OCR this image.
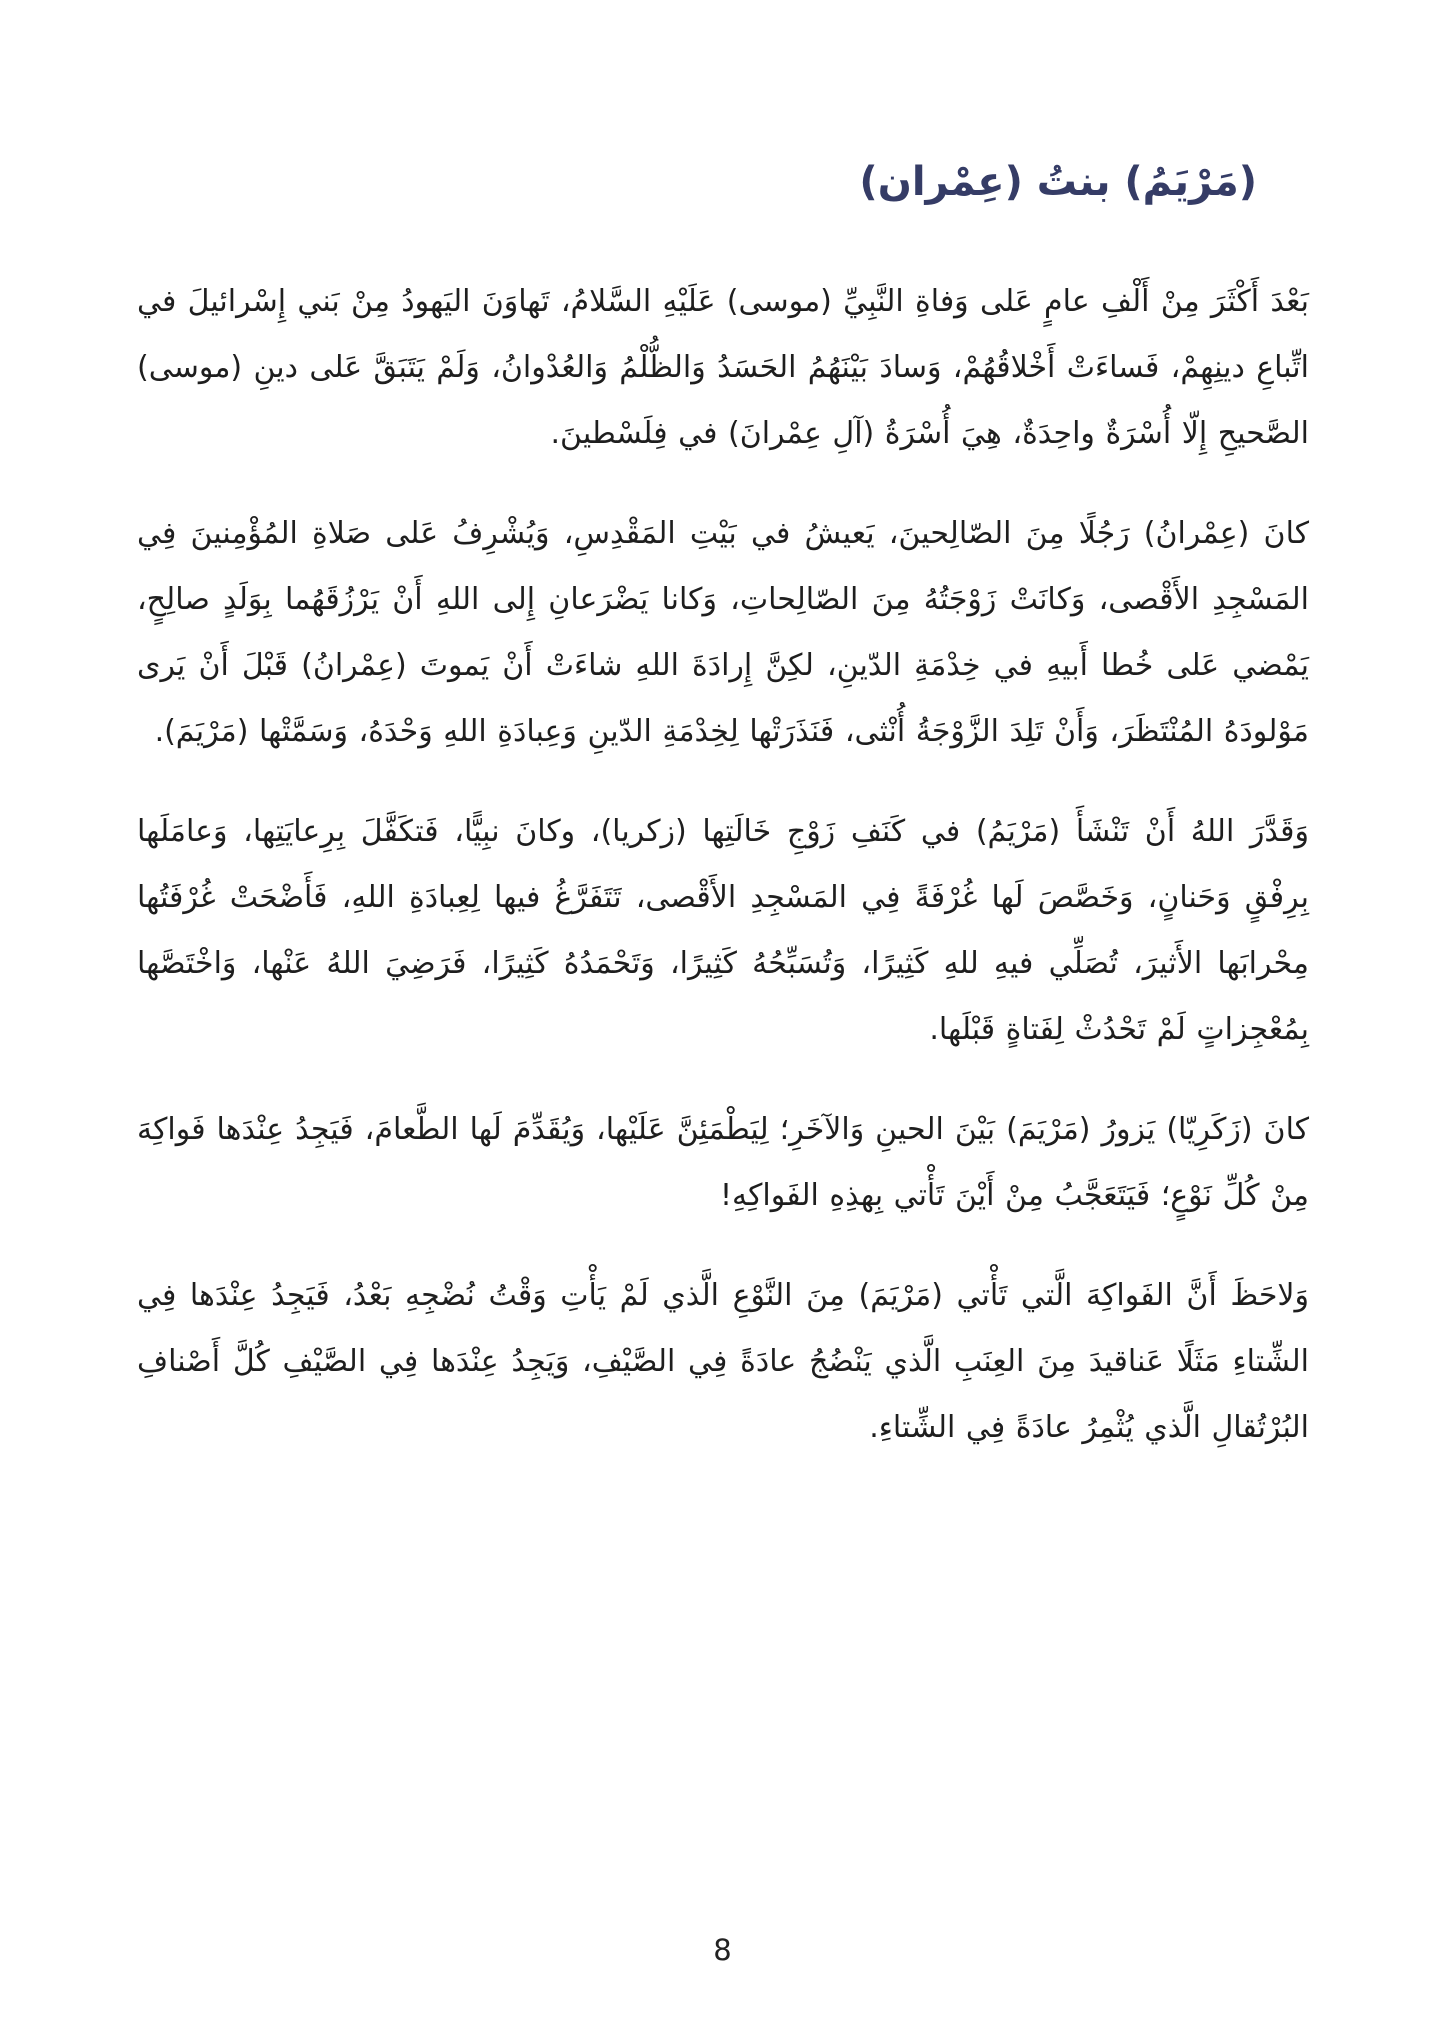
(مَرْيَمُ) بنتُ (عِمْران)

بَعْدَ أَكْثَرَ مِنْ أَلْفِ عامٍ عَلى وَفاةِ النَّبِيِّ (موسى) عَلَيْهِ السَّلامُ، تَهاوَنَ اليَهودُ مِنْ بَني إِسْرائيلَ في اتِّباعِ دينِهِمْ، فَساءَتْ أَخْلاقُهُمْ، وَسادَ بَيْنَهُمُ الحَسَدُ وَالظُّلْمُ وَالعُدْوانُ، وَلَمْ يَتَبَقَّ عَلى دينِ (موسى) الصَّحيحِ إِلّا أُسْرَةٌ واحِدَةٌ، هِيَ أُسْرَةُ (آلِ عِمْرانَ) في فِلَسْطينَ.

كانَ (عِمْرانُ) رَجُلًا مِنَ الصّالِحينَ، يَعيشُ في بَيْتِ المَقْدِسِ، وَيُشْرِفُ عَلى صَلاةِ المُؤْمِنينَ فِي المَسْجِدِ الأَقْصى، وَكانَتْ زَوْجَتُهُ مِنَ الصّالِحاتِ، وَكانا يَضْرَعانِ إِلى اللهِ أَنْ يَرْزُقَهُما بِوَلَدٍ صالِحٍ، يَمْضي عَلى خُطا أَبيهِ في خِدْمَةِ الدّينِ، لكِنَّ إِرادَةَ اللهِ شاءَتْ أَنْ يَموتَ (عِمْرانُ) قَبْلَ أَنْ يَرى مَوْلودَهُ المُنْتَظَرَ، وَأَنْ تَلِدَ الزَّوْجَةُ أُنْثى، فَنَذَرَتْها لِخِدْمَةِ الدّينِ وَعِبادَةِ اللهِ وَحْدَهُ، وَسَمَّتْها (مَرْيَمَ).

وَقَدَّرَ اللهُ أَنْ تَنْشَأَ (مَرْيَمُ) في كَنَفِ زَوْجِ خَالَتِها (زكريا)، وكانَ نبِيًّا، فَتكَفَّلَ بِرِعايَتِها، وَعامَلَها بِرِفْقٍ وَحَنانٍ، وَخَصَّصَ لَها غُرْفَةً فِي المَسْجِدِ الأَقْصى، تَتَفَرَّغُ فيها لِعِبادَةِ اللهِ، فَأَضْحَتْ غُرْفَتُها مِحْرابَها الأَثيرَ، تُصَلِّي فيهِ للهِ كَثِيرًا، وَتُسَبِّحُهُ كَثِيرًا، وَتَحْمَدُهُ كَثِيرًا، فَرَضِيَ اللهُ عَنْها، وَاخْتَصَّها بِمُعْجِزاتٍ لَمْ تَحْدُثْ لِفَتاةٍ قَبْلَها.

كانَ (زَكَرِيّا) يَزورُ (مَرْيَمَ) بَيْنَ الحينِ وَالآخَرِ؛ لِيَطْمَئِنَّ عَلَيْها، وَيُقَدِّمَ لَها الطَّعامَ، فَيَجِدُ عِنْدَها فَواكِهَ مِنْ كُلِّ نَوْعٍ؛ فَيَتَعَجَّبُ مِنْ أَيْنَ تَأْتي بِهذِهِ الفَواكِهِ!

وَلاحَظَ أَنَّ الفَواكِهَ الَّتي تَأْتي (مَرْيَمَ) مِنَ النَّوْعِ الَّذي لَمْ يَأْتِ وَقْتُ نُضْجِهِ بَعْدُ، فَيَجِدُ عِنْدَها فِي الشِّتاءِ مَثَلًا عَناقيدَ مِنَ العِنَبِ الَّذي يَنْضُجُ عادَةً فِي الصَّيْفِ، وَيَجِدُ عِنْدَها فِي الصَّيْفِ كُلَّ أَصْنافِ البُرْتُقالِ الَّذي يُثْمِرُ عادَةً فِي الشِّتاءِ.

8
